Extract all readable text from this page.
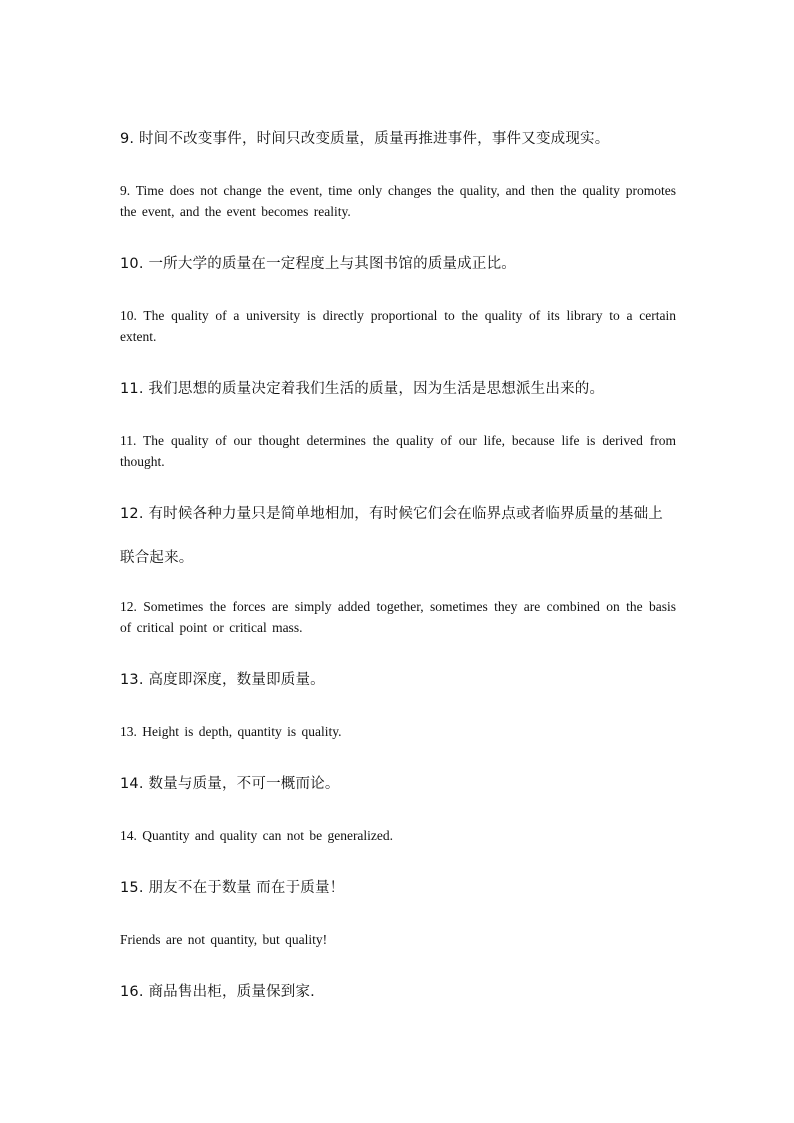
9. 时间不改变事件，时间只改变质量，质量再推进事件，事件又变成现实。

9. Time does not change the event, time only changes the quality, and then the quality promotes the event, and the event becomes reality.

10. 一所大学的质量在一定程度上与其图书馆的质量成正比。

10. The quality of a university is directly proportional to the quality of its library to a certain extent.

11. 我们思想的质量决定着我们生活的质量，因为生活是思想派生出来的。

11. The quality of our thought determines the quality of our life, because life is derived from thought.

12. 有时候各种力量只是简单地相加，有时候它们会在临界点或者临界质量的基础上联合起来。

12. Sometimes the forces are simply added together, sometimes they are combined on the basis of critical point or critical mass.

13. 高度即深度，数量即质量。

13. Height is depth, quantity is quality.

14. 数量与质量，不可一概而论。

14. Quantity and quality can not be generalized.

15. 朋友不在于数量 而在于质量！

Friends are not quantity, but quality!

16. 商品售出柜，质量保到家.
